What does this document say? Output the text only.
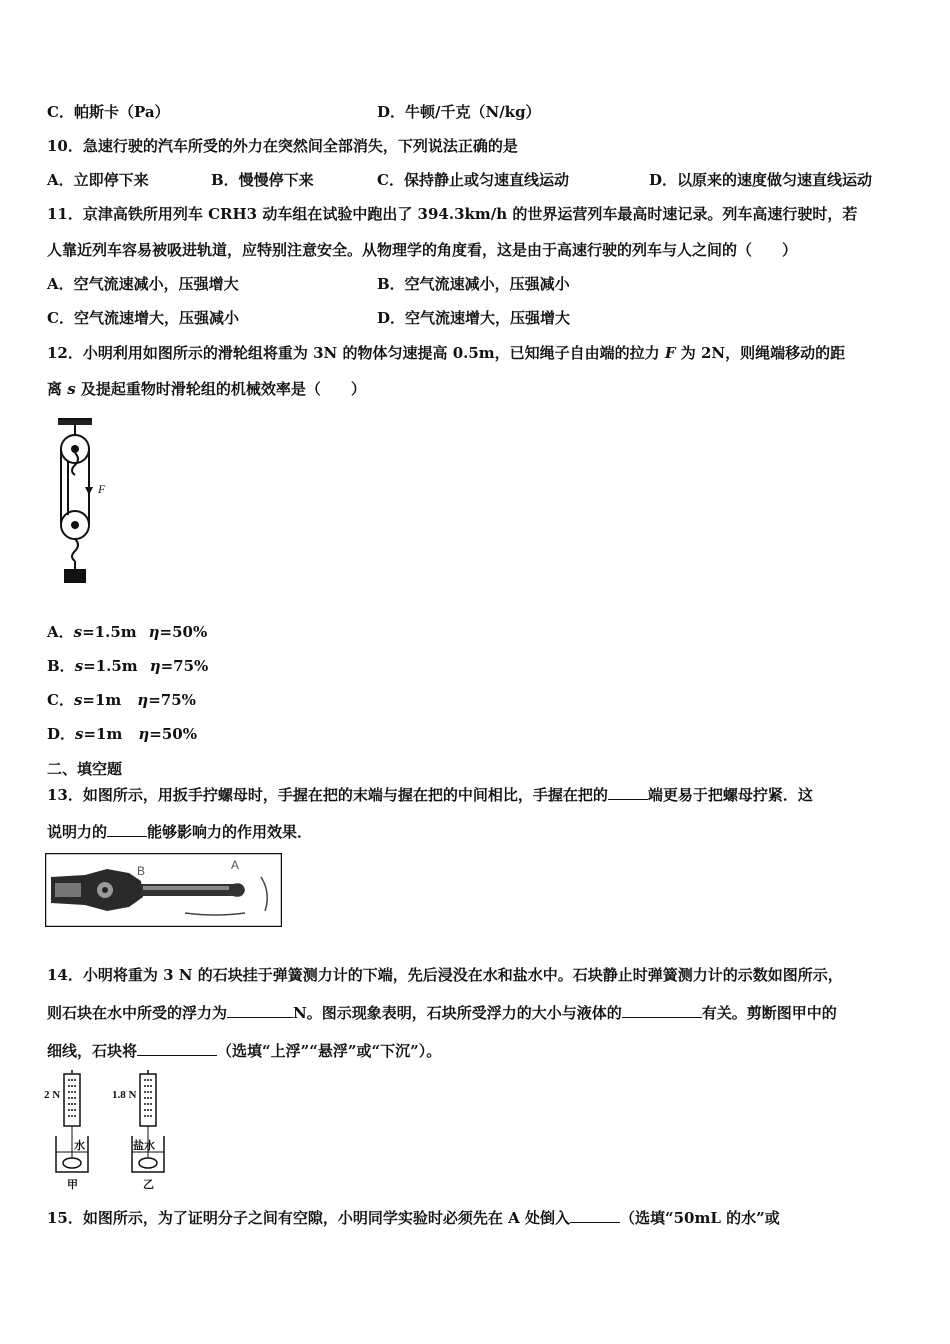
C．帕斯卡（Pa）	D．牛顿/千克（N/kg）
10．急速行驶的汽车所受的外力在突然间全部消失，下列说法正确的是
A．立即停下来	B．慢慢停下来	C．保持静止或匀速直线运动	D．以原来的速度做匀速直线运动
11．京津高铁所用列车 CRH3 动车组在试验中跑出了 394.3km/h 的世界运营列车最高时速记录。列车高速行驶时，若
人靠近列车容易被吸进轨道，应特别注意安全。从物理学的角度看，这是由于高速行驶的列车与人之间的（　　）
A．空气流速减小，压强增大	B．空气流速减小，压强减小
C．空气流速增大，压强减小	D．空气流速增大，压强增大
12．小明利用如图所示的滑轮组将重为 3N 的物体匀速提高 0.5m，已知绳子自由端的拉力 F 为 2N，则绳端移动的距
离 s 及提起重物时滑轮组的机械效率是（　　）
F
A．s=1.5m η=50%
B．s=1.5m η=75%
C．s=1m η=75%
D．s=1m η=50%
二、填空题
13．如图所示，用扳手拧螺母时，手握在把的末端与握在把的中间相比，手握在把的	端更易于把螺母拧紧．这
说明力的	能够影响力的作用效果．
B	A
14．小明将重为 3 N 的石块挂于弹簧测力计的下端，先后浸没在水和盐水中。石块静止时弹簧测力计的示数如图所示，
则石块在水中所受的浮力为	N。图示现象表明，石块所受浮力的大小与液体的	有关。剪断图甲中的
细线，石块将	（选填“上浮”“悬浮”或“下沉”）。
2 N
水
甲
1.8 N
盐水
乙
15．如图所示，为了证明分子之间有空隙，小明同学实验时必须先在 A 处倒入	（选填“50mL 的水”或
